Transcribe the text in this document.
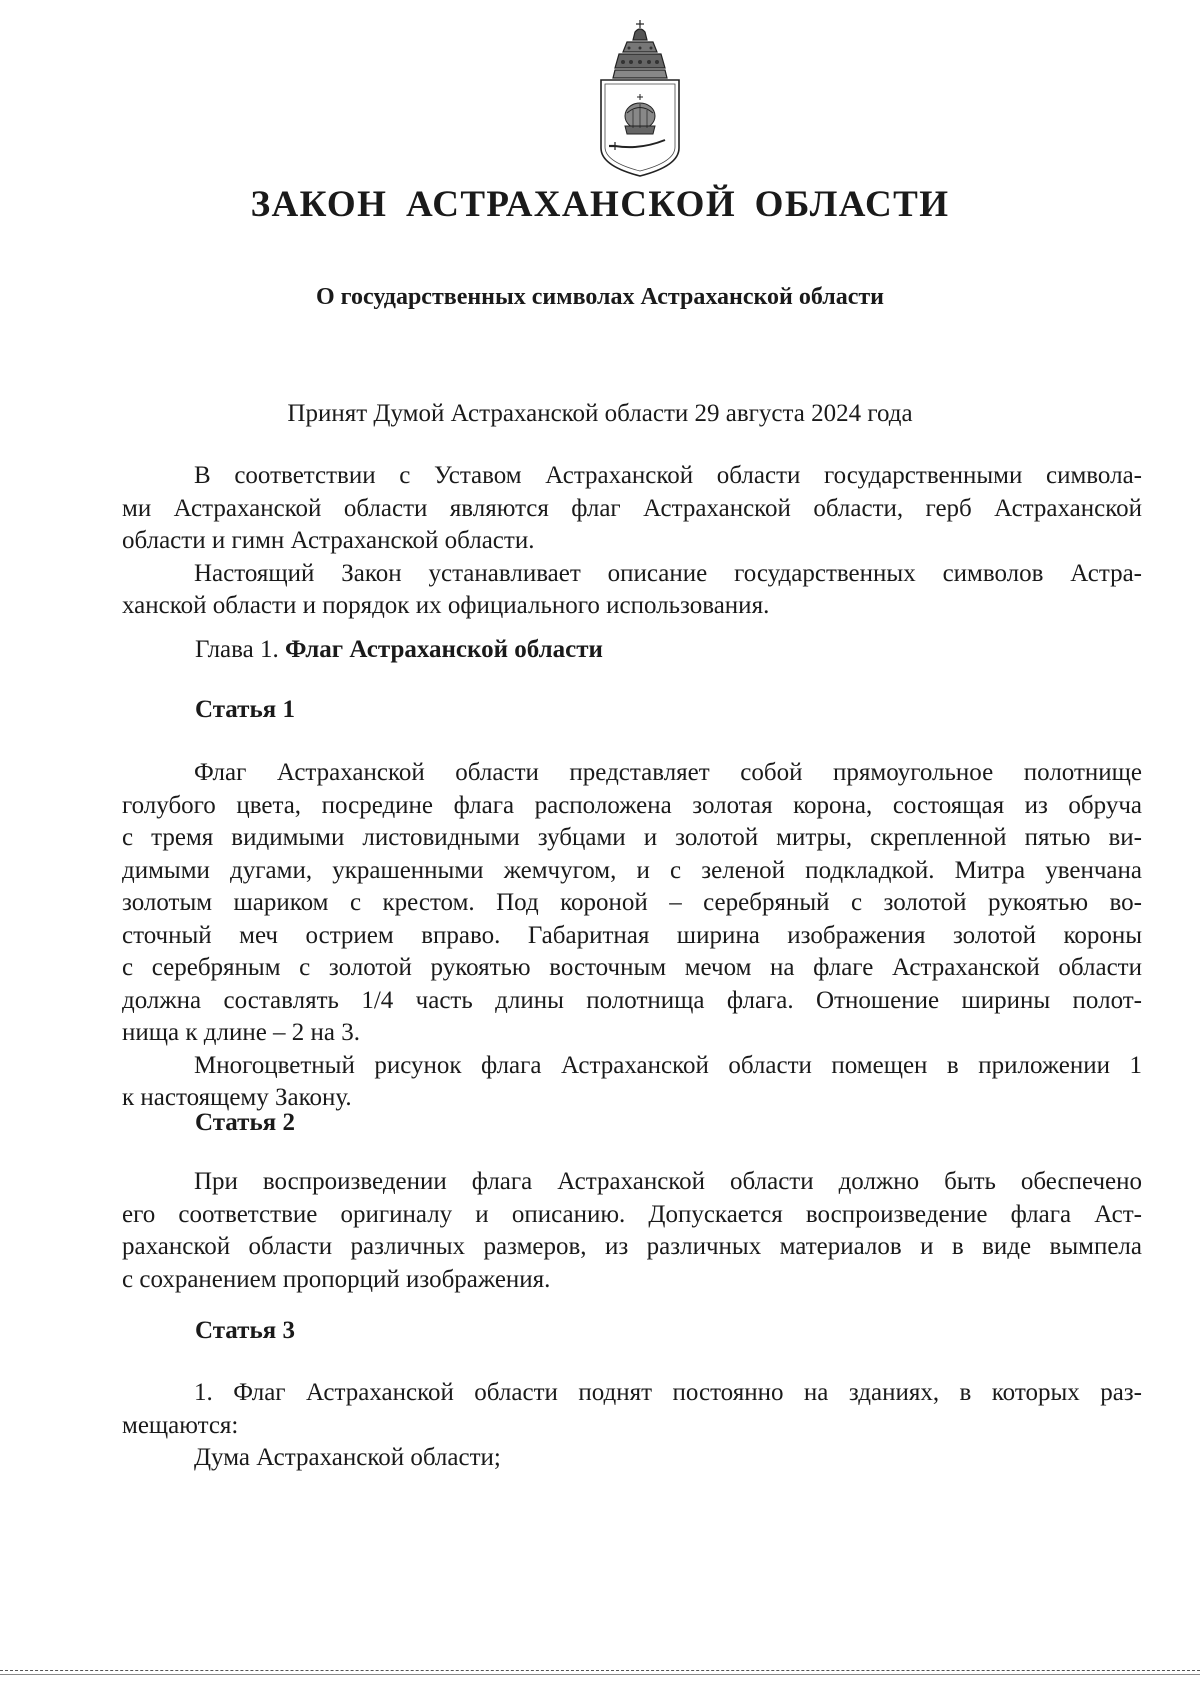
ЗАКОН АСТРАХАНСКОЙ ОБЛАСТИ
О государственных символах Астраханской области
Принят Думой Астраханской области 29 августа 2024 года

В соответствии с Уставом Астраханской области государственными символа-

ми Астраханской области являются флаг Астраханской области, герб Астраханской

области и гимн Астраханской области.

Настоящий Закон устанавливает описание государственных символов Астра-

ханской области и порядок их официального использования.

Глава 1. Флаг Астраханской области
Статья 1

Флаг Астраханской области представляет собой прямоугольное полотнище

голубого цвета, посредине флага расположена золотая корона, состоящая из обруча

с тремя видимыми листовидными зубцами и золотой митры, скрепленной пятью ви-

димыми дугами, украшенными жемчугом, и с зеленой подкладкой. Митра увенчана

золотым шариком с крестом. Под короной – серебряный с золотой рукоятью во-

сточный меч острием вправо. Габаритная ширина изображения золотой короны

с серебряным с золотой рукоятью восточным мечом на флаге Астраханской области

должна составлять 1/4 часть длины полотнища флага. Отношение ширины полот-

нища к длине – 2 на 3.

Многоцветный рисунок флага Астраханской области помещен в приложении 1

к настоящему Закону.

Статья 2

При воспроизведении флага Астраханской области должно быть обеспечено

его соответствие оригиналу и описанию. Допускается воспроизведение флага Аст-

раханской области различных размеров, из различных материалов и в виде вымпела

с сохранением пропорций изображения.

Статья 3

1. Флаг Астраханской области поднят постоянно на зданиях, в которых раз-

мещаются:

Дума Астраханской области;
